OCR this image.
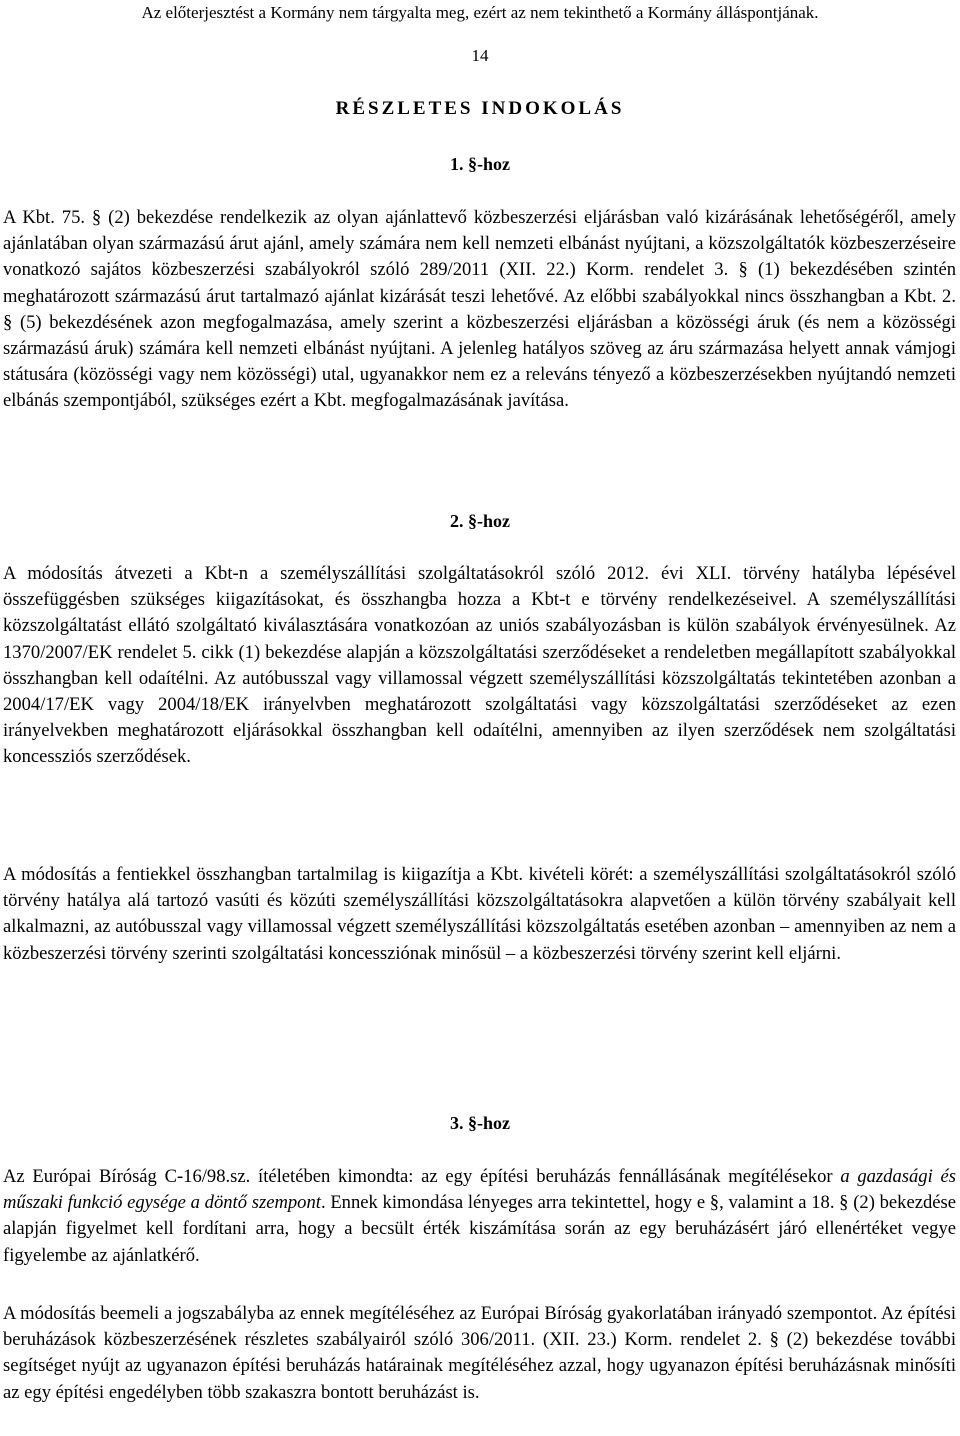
Az előterjesztést a Kormány nem tárgyalta meg, ezért az nem tekinthető a Kormány álláspontjának.
14
RÉSZLETES INDOKOLÁS
1. §-hoz

A Kbt. 75. § (2) bekezdése rendelkezik az olyan ajánlattevő közbeszerzési eljárásban való kizárásának lehetőségéről, amely ajánlatában olyan származású árut ajánl, amely számára nem kell nemzeti elbánást nyújtani, a közszolgáltatók közbeszerzéseire vonatkozó sajátos közbeszerzési szabályokról szóló 289/2011 (XII. 22.) Korm. rendelet 3. § (1) bekezdésében szintén meghatározott származású árut tartalmazó ajánlat kizárását teszi lehetővé. Az előbbi szabályokkal nincs összhangban a Kbt. 2. § (5) bekezdésének azon megfogalmazása, amely szerint a közbeszerzési eljárásban a közösségi áruk (és nem a közösségi származású áruk) számára kell nemzeti elbánást nyújtani. A jelenleg hatályos szöveg az áru származása helyett annak vámjogi státusára (közösségi vagy nem közösségi) utal, ugyanakkor nem ez a releváns tényező a közbeszerzésekben nyújtandó nemzeti elbánás szempontjából, szükséges ezért a Kbt. megfogalmazásának javítása.

2. §-hoz

A módosítás átvezeti a Kbt-n a személyszállítási szolgáltatásokról szóló 2012. évi XLI. törvény hatályba lépésével összefüggésben szükséges kiigazításokat, és összhangba hozza a Kbt-t e törvény rendelkezéseivel. A személyszállítási közszolgáltatást ellátó szolgáltató kiválasztására vonatkozóan az uniós szabályozásban is külön szabályok érvényesülnek. Az 1370/2007/EK rendelet 5. cikk (1) bekezdése alapján a közszolgáltatási szerződéseket a rendeletben megállapított szabályokkal összhangban kell odaítélni. Az autóbusszal vagy villamossal végzett személyszállítási közszolgáltatás tekintetében azonban a 2004/17/EK vagy 2004/18/EK irányelvben meghatározott szolgáltatási vagy közszolgáltatási szerződéseket az ezen irányelvekben meghatározott eljárásokkal összhangban kell odaítélni, amennyiben az ilyen szerződések nem szolgáltatási koncessziós szerződések.

A módosítás a fentiekkel összhangban tartalmilag is kiigazítja a Kbt. kivételi körét: a személyszállítási szolgáltatásokról szóló törvény hatálya alá tartozó vasúti és közúti személyszállítási közszolgáltatásokra alapvetően a külön törvény szabályait kell alkalmazni, az autóbusszal vagy villamossal végzett személyszállítási közszolgáltatás esetében azonban – amennyiben az nem a közbeszerzési törvény szerinti szolgáltatási koncessziónak minősül – a közbeszerzési törvény szerint kell eljárni.

3. §-hoz

Az Európai Bíróság C-16/98.sz. ítéletében kimondta: az egy építési beruházás fennállásának megítélésekor a gazdasági és műszaki funkció egysége a döntő szempont. Ennek kimondása lényeges arra tekintettel, hogy e §, valamint a 18. § (2) bekezdése alapján figyelmet kell fordítani arra, hogy a becsült érték kiszámítása során az egy beruházásért járó ellenértéket vegye figyelembe az ajánlatkérő.

A módosítás beemeli a jogszabályba az ennek megítéléséhez az Európai Bíróság gyakorlatában irányadó szempontot. Az építési beruházások közbeszerzésének részletes szabályairól szóló 306/2011. (XII. 23.) Korm. rendelet 2. § (2) bekezdése további segítséget nyújt az ugyanazon építési beruházás határainak megítéléséhez azzal, hogy ugyanazon építési beruházásnak minősíti az egy építési engedélyben több szakaszra bontott beruházást is.
